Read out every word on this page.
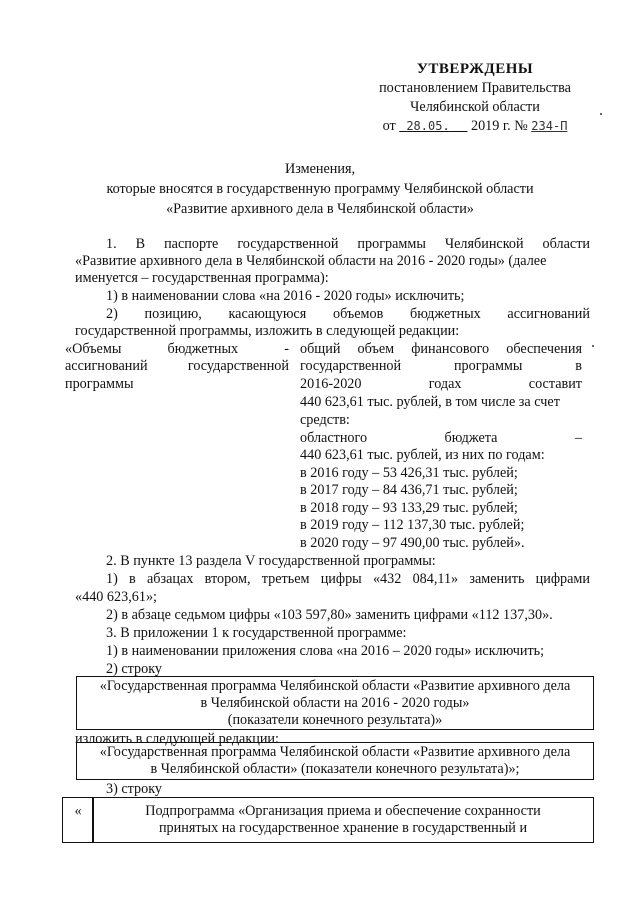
УТВЕРЖДЕНЫ
постановлением Правительства
Челябинской области
от 28.05. 2019 г. № 234-П
Изменения,
которые вносятся в государственную программу Челябинской области
«Развитие архивного дела в Челябинской области»
1. В паспорте государственной программы Челябинской области
«Развитие архивного дела в Челябинской области на 2016 - 2020 годы» (далее
именуется – государственная программа):
1) в наименовании слова «на 2016 - 2020 годы» исключить;
2) позицию, касающуюся объемов бюджетных ассигнований
государственной программы, изложить в следующей редакции:
«Объемы бюджетных -
ассигнований государственной
программы
общий объем финансового обеспечения
государственной программы в
2016-2020 годах составит
440 623,61 тыс. рублей, в том числе за счет
средств:
областного бюджета –
440 623,61 тыс. рублей, из них по годам:
в 2016 году – 53 426,31 тыс. рублей;
в 2017 году – 84 436,71 тыс. рублей;
в 2018 году – 93 133,29 тыс. рублей;
в 2019 году – 112 137,30 тыс. рублей;
в 2020 году – 97 490,00 тыс. рублей».
2. В пункте 13 раздела V государственной программы:
1) в абзацах втором, третьем цифры «432 084,11» заменить цифрами
«440 623,61»;
2) в абзаце седьмом цифры «103 597,80» заменить цифрами «112 137,30».
3. В приложении 1 к государственной программе:
1) в наименовании приложения слова «на 2016 – 2020 годы» исключить;
2) строку
«Государственная программа Челябинской области «Развитие архивного дела
в Челябинской области на 2016 - 2020 годы»
(показатели конечного результата)»
изложить в следующей редакции:
«Государственная программа Челябинской области «Развитие архивного дела
в Челябинской области» (показатели конечного результата)»;
3) строку
«	Подпрограмма «Организация приема и обеспечение сохранности
принятых на государственное хранение в государственный и
